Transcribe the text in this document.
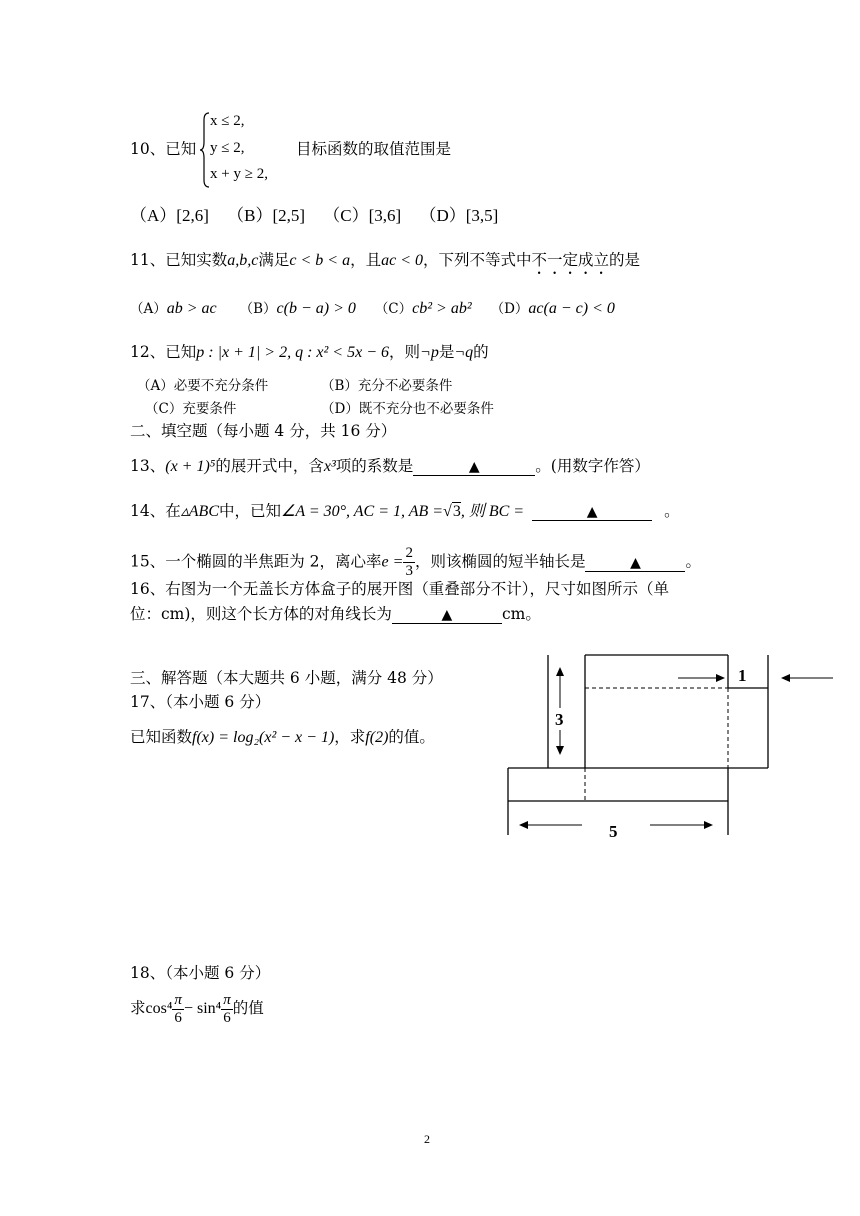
10、已知
x ≤ 2,
y ≤ 2,
x + y ≥ 2,
目标函数的取值范围是
（A）[2,6] （B）[2,5] （C）[3,6] （D）[3,5]
11、已知实数a,b,c满足c < b < a，且ac < 0，下列不等式中不一定成立的是
（A）ab > ac （B）c(b − a) > 0 （C）cb² > ab² （D）ac(a − c) < 0
12、已知p : |x + 1| > 2, q : x² < 5x − 6，则¬p是¬q的
（A）必要不充分条件	（B）充分不必要条件
（C）充要条件	（D）既不充分也不必要条件
二、填空题（每小题 4 分，共 16 分）
13、(x + 1)⁵的展开式中，含x³项的系数是	▲	。(用数字作答）
14、在▵ABC中，已知∠A = 30°, AC = 1, AB =√3, 则 BC =	▲	。
15、一个椭圆的半焦距为 2，离心率$e = \frac{2}{3}$ ，则该椭圆的短半轴长是	▲	。
16、右图为一个无盖长方体盒子的展开图（重叠部分不计），尺寸如图所示（单
位：cm)，则这个长方体的对角线长为	▲	cm。
三、解答题（本大题共 6 小题，满分 48 分）
17、（本小题 6 分）
已知函数f(x) = log₂(x² − x − 1)，求f(2)的值。
3
1
5
18、（本小题 6 分）
求$\cos^4 \frac{\pi}{6} - \sin^4 \frac{\pi}{6}$ 的值
2
